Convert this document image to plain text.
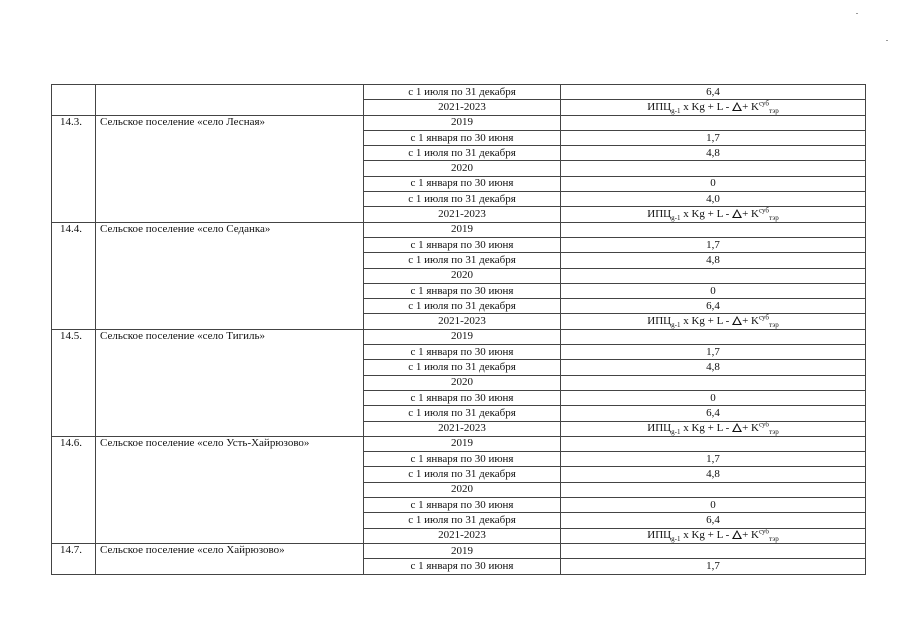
		с 1 июля по 31 декабря	6,4
		2021-2023	$ИПЦ_{g-1}$ x Kg + L - + $K^{суб}_{тэр}$
14.3.	Сельское поселение «село Лесная»	2019	
		с 1 января по 30 июня	1,7
		с 1 июля по 31 декабря	4,8
		2020	
		с 1 января по 30 июня	0
		с 1 июля по 31 декабря	4,0
		2021-2023	$ИПЦ_{g-1}$ x Kg + L - + $K^{суб}_{тэр}$
14.4.	Сельское поселение «село Седанка»	2019	
		с 1 января по 30 июня	1,7
		с 1 июля по 31 декабря	4,8
		2020	
		с 1 января по 30 июня	0
		с 1 июля по 31 декабря	6,4
		2021-2023	$ИПЦ_{g-1}$ x Kg + L - + $K^{суб}_{тэр}$
14.5.	Сельское поселение «село Тигиль»	2019	
		с 1 января по 30 июня	1,7
		с 1 июля по 31 декабря	4,8
		2020	
		с 1 января по 30 июня	0
		с 1 июля по 31 декабря	6,4
		2021-2023	$ИПЦ_{g-1}$ x Kg + L - + $K^{суб}_{тэр}$
14.6.	Сельское поселение «село Усть-Хайрюзово»	2019	
		с 1 января по 30 июня	1,7
		с 1 июля по 31 декабря	4,8
		2020	
		с 1 января по 30 июня	0
		с 1 июля по 31 декабря	6,4
		2021-2023	$ИПЦ_{g-1}$ x Kg + L - + $K^{суб}_{тэр}$
14.7.	Сельское поселение «село Хайрюзово»	2019	
		с 1 января по 30 июня	1,7
